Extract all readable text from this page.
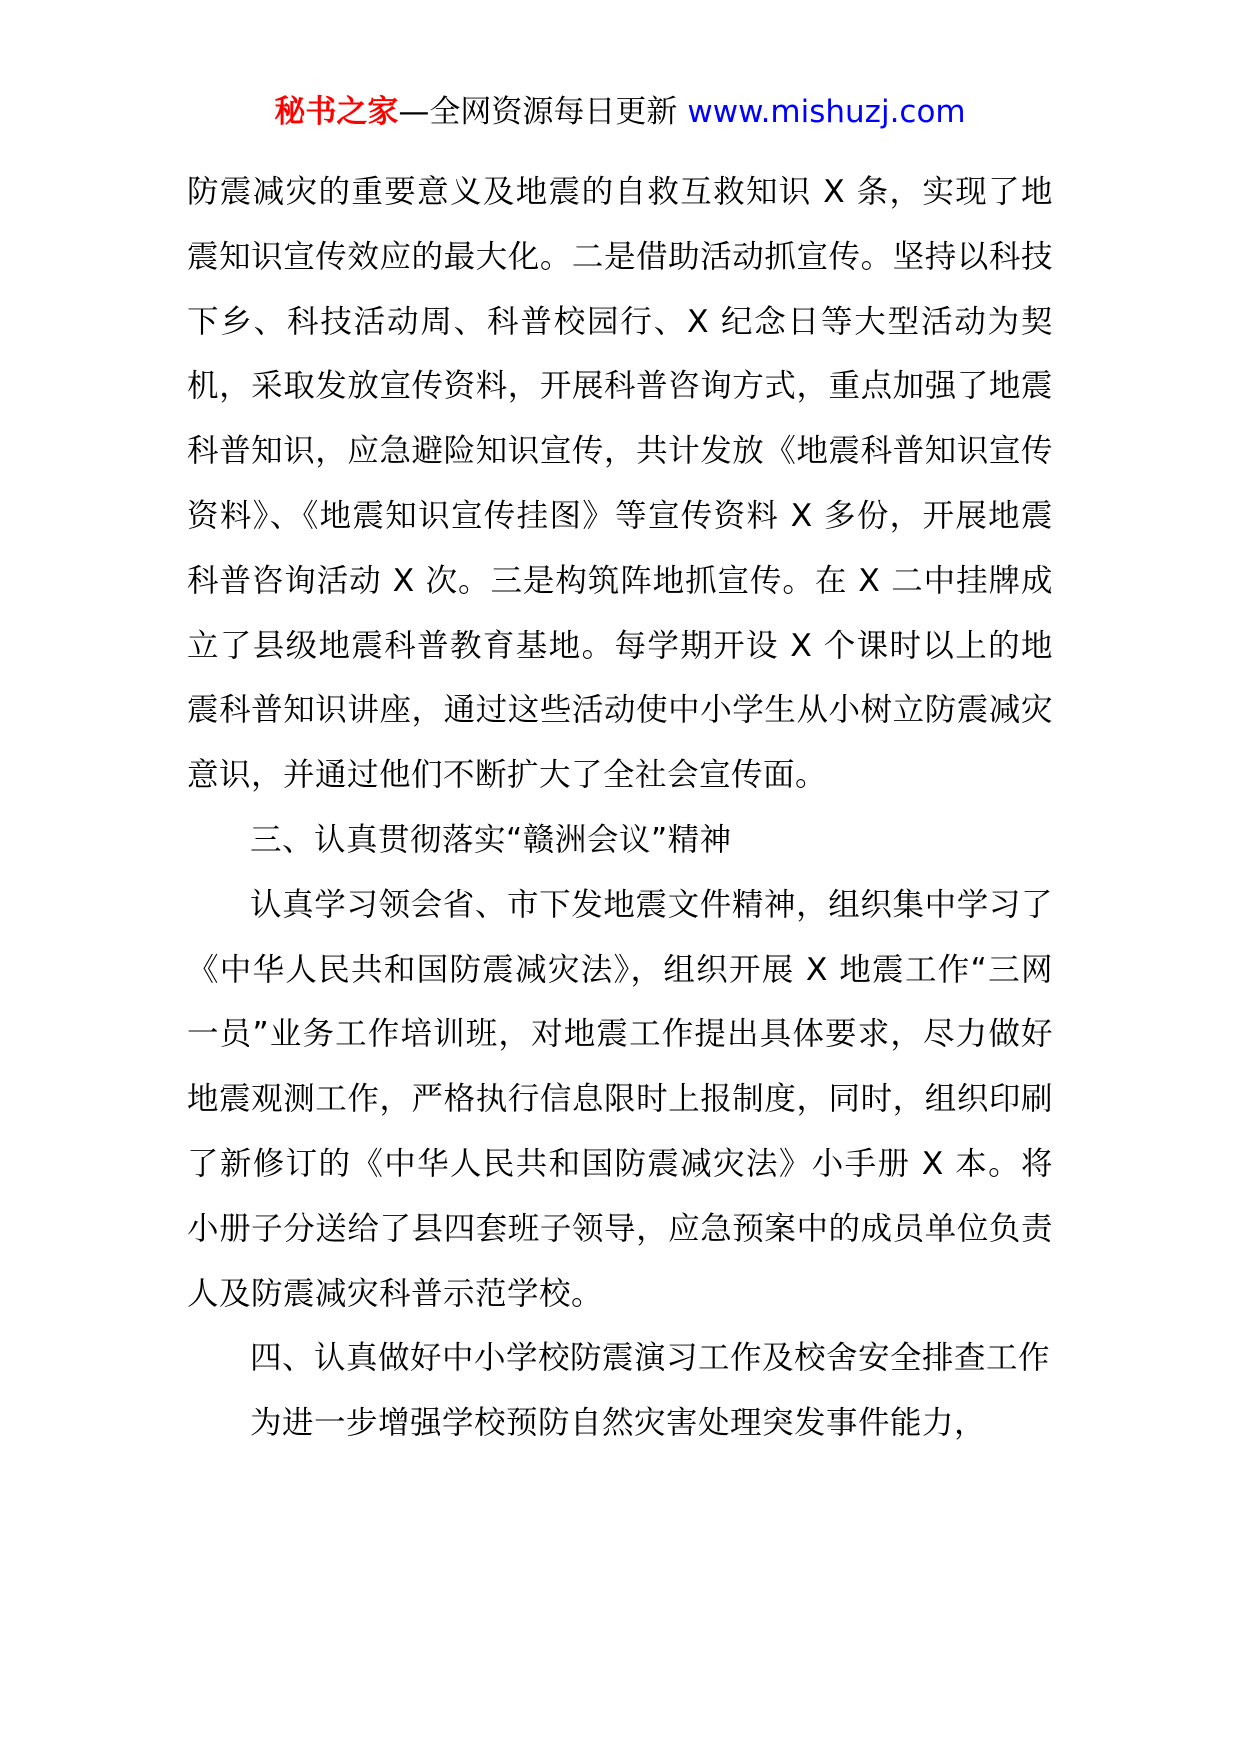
秘书之家—全网资源每日更新 www.mishuzj.com

防震减灾的重要意义及地震的自救互救知识 X 条，实现了地震知识宣传效应的最大化。二是借助活动抓宣传。坚持以科技下乡、科技活动周、科普校园行、X 纪念日等大型活动为契机，采取发放宣传资料，开展科普咨询方式，重点加强了地震科普知识，应急避险知识宣传，共计发放《地震科普知识宣传资料》、《地震知识宣传挂图》等宣传资料 X 多份，开展地震科普咨询活动 X 次。三是构筑阵地抓宣传。在 X 二中挂牌成立了县级地震科普教育基地。每学期开设 X 个课时以上的地震科普知识讲座，通过这些活动使中小学生从小树立防震减灾意识，并通过他们不断扩大了全社会宣传面。

三、认真贯彻落实“赣洲会议”精神

认真学习领会省、市下发地震文件精神，组织集中学习了《中华人民共和国防震减灾法》，组织开展 X 地震工作“三网一员”业务工作培训班，对地震工作提出具体要求，尽力做好地震观测工作，严格执行信息限时上报制度，同时，组织印刷了新修订的《中华人民共和国防震减灾法》小手册 X 本。将小册子分送给了县四套班子领导，应急预案中的成员单位负责人及防震减灾科普示范学校。

四、认真做好中小学校防震演习工作及校舍安全排查工作

为进一步增强学校预防自然灾害处理突发事件能力，
